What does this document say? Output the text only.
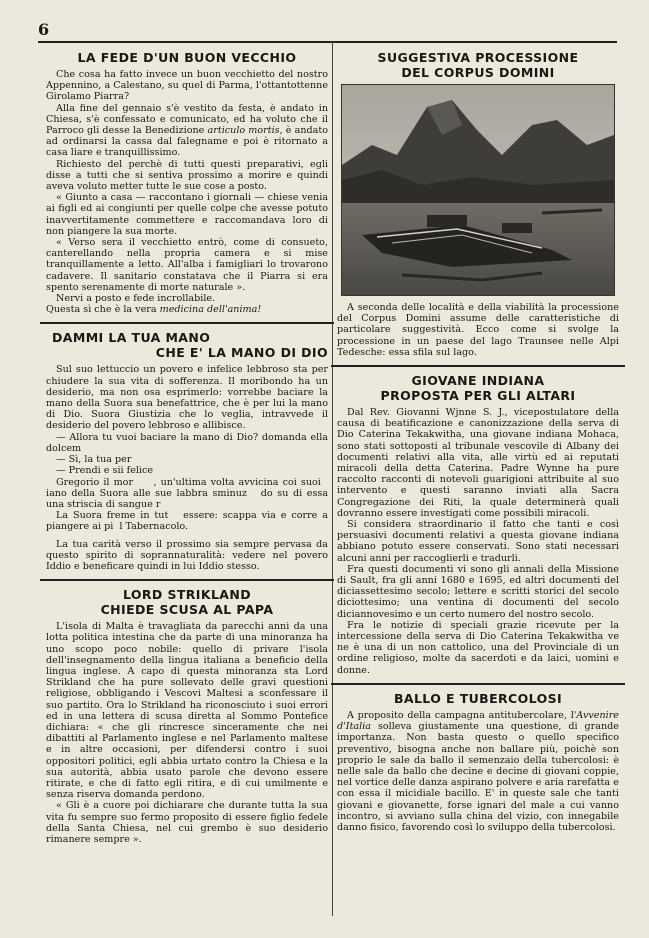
6
LA FEDE D'UN BUON VECCHIO

Che cosa ha fatto invece un buon vecchietto del nostro Appennino, a Calestano, su quel di Parma, l'ottantottenne Girolamo Piarra?

Alla fine del gennaio s'è vestito da festa, è andato in Chiesa, s'è confessato e comunicato, ed ha voluto che il Parroco gli desse la Benedizione articulo mortis, è andato ad ordinarsi la cassa dal falegname e poi è ritornato a casa liare e tranquillissimo.

Richiesto del perchè di tutti questi preparativi, egli disse a tutti che si sentiva prossimo a morire e quindi aveva voluto metter tutte le sue cose a posto.

« Giunto a casa — raccontano i giornali — chiese venia ai figli ed ai congiunti per quelle colpe che avesse potuto inavvertitamente commettere e raccomandava loro di non piangere la sua morte.

« Verso sera il vecchietto entrò, come di consueto, canterellando nella propria camera e si mise tranquillamente a letto. All'alba i famigliari lo trovarono cadavere. Il sanitario constatava che il Piarra si era spento serenamente di morte naturale ».

Nervi a posto e fede incrollabile.

Questa sì che è la vera medicina dell'anima!

DAMMI LA TUA MANO
CHE E' LA MANO DI DIO

Sul suo lettuccio un povero e infelice lebbroso sta per chiudere la sua vita di sofferenza. Il moribondo ha un desiderio, ma non osa esprimerlo: vorrebbe baciare la mano della Suora sua benefattrice, che è per lui la mano di Dio. Suora Giustizia che lo veglia, intravvede il desiderio del povero lebbroso e allibisce.

— Allora tu vuoi baciare la mano di Dio? domanda ella dolcem

— Sì, la tua per

— Prendi e sii felice

Gregorio il mor , un'ultima volta avvicina coi suoi   iano della Suora alle sue labbra sminuz do su di essa una striscia di sangue r

La Suora freme in tut essere: scappa via e corre a piangere ai pi l Tabernacolo.

La tua carità verso il prossimo sia sempre pervasa da questo spirito di soprannaturalità: vedere nel povero Iddio e beneficare quindi in lui Iddio stesso.

LORD STRIKLAND
CHIEDE SCUSA AL PAPA

L'isola di Malta è travagliata da parecchi anni da una lotta politica intestina che da parte di una minoranza ha uno scopo poco nobile: quello di privare l'isola dell'insegnamento della lingua italiana a beneficio della lingua inglese. A capo di questa minoranza sta Lord Strikland che ha pure sollevato delle gravi questioni religiose, obbligando i Vescovi Maltesi a sconfessare il suo partito. Ora lo Strikland ha riconosciuto i suoi errori ed in una lettera di scusa diretta al Sommo Pontefice dichiara: « che gli rincresce sinceramente che nei dibattiti al Parlamento inglese e nel Parlamento maltese e in altre occasioni, per difendersi contro i suoi oppositori politici, egli abbia urtato contro la Chiesa e la sua autorità, abbia usato parole che devono essere ritirate, e che di fatto egli ritira, e di cui umilmente e senza riserva domanda perdono.

« Gli è a cuore poi dichiarare che durante tutta la sua vita fu sempre suo fermo proposito di essere figlio fedele della Santa Chiesa, nel cui grembo è suo desiderio rimanere sempre ».

SUGGESTIVA PROCESSIONE
DEL CORPUS DOMINI

A seconda delle località e della viabilità la processione del Corpus Domini assume delle caratteristiche di particolare suggestività. Ecco come si svolge la processione in un paese del lago Traunsee nelle Alpi Tedesche: essa sfila sul lago.

GIOVANE INDIANA
PROPOSTA PER GLI ALTARI

Dal Rev. Giovanni Wjnne S. J., vicepostulatore della causa di beatificazione e canonizzazione della serva di Dio Caterina Tekakwitha, una giovane indiana Mohaca, sono stati sottoposti al tribunale vescovile di Albany dei documenti relativi alla vita, alle virtù ed ai reputati miracoli della detta Caterina. Padre Wynne ha pure raccolto racconti di notevoli guarigioni attribuite al suo intervento e questi saranno inviati alla Sacra Congregazione dei Riti, la quale determinerà quali dovranno essere investigati come possibili miracoli.

Si considera straordinario il fatto che tanti e così persuasivi documenti relativi a questa giovane indiana abbiano potuto essere conservati. Sono stati necessari alcuni anni per raccoglierli e tradurli.

Fra questi documenti vi sono gli annali della Missione di Sault, fra gli anni 1680 e 1695, ed altri documenti del diciassettesimo secolo; lettere e scritti storici del secolo diciottesimo; una ventina di documenti del secolo diciannovesimo e un certo numero del nostro secolo.

Fra le notizie di speciali grazie ricevute per la intercessione della serva di Dio Caterina Tekakwitha ve ne è una di un non cattolico, una del Provinciale di un ordine religioso, molte da sacerdoti e da laici, uomini e donne.

BALLO E TUBERCOLOSI

A proposito della campagna antitubercolare, l'Avvenire d'Italia solleva giustamente una questione, di grande importanza. Non basta questo o quello specifico preventivo, bisogna anche non ballare più, poichè son proprio le sale da ballo il semenzaio della tubercolosi: è nelle sale da ballo che decine e decine di giovani coppie, nel vortice delle danza aspirano polvere e aria rarefatta e con essa il micidiale bacillo. E' in queste sale che tanti giovani e giovanette, forse ignari del male a cui vanno incontro, si avviano sulla china del vizio, con innegabile danno fisico, favorendo così lo sviluppo della tubercolosi.
